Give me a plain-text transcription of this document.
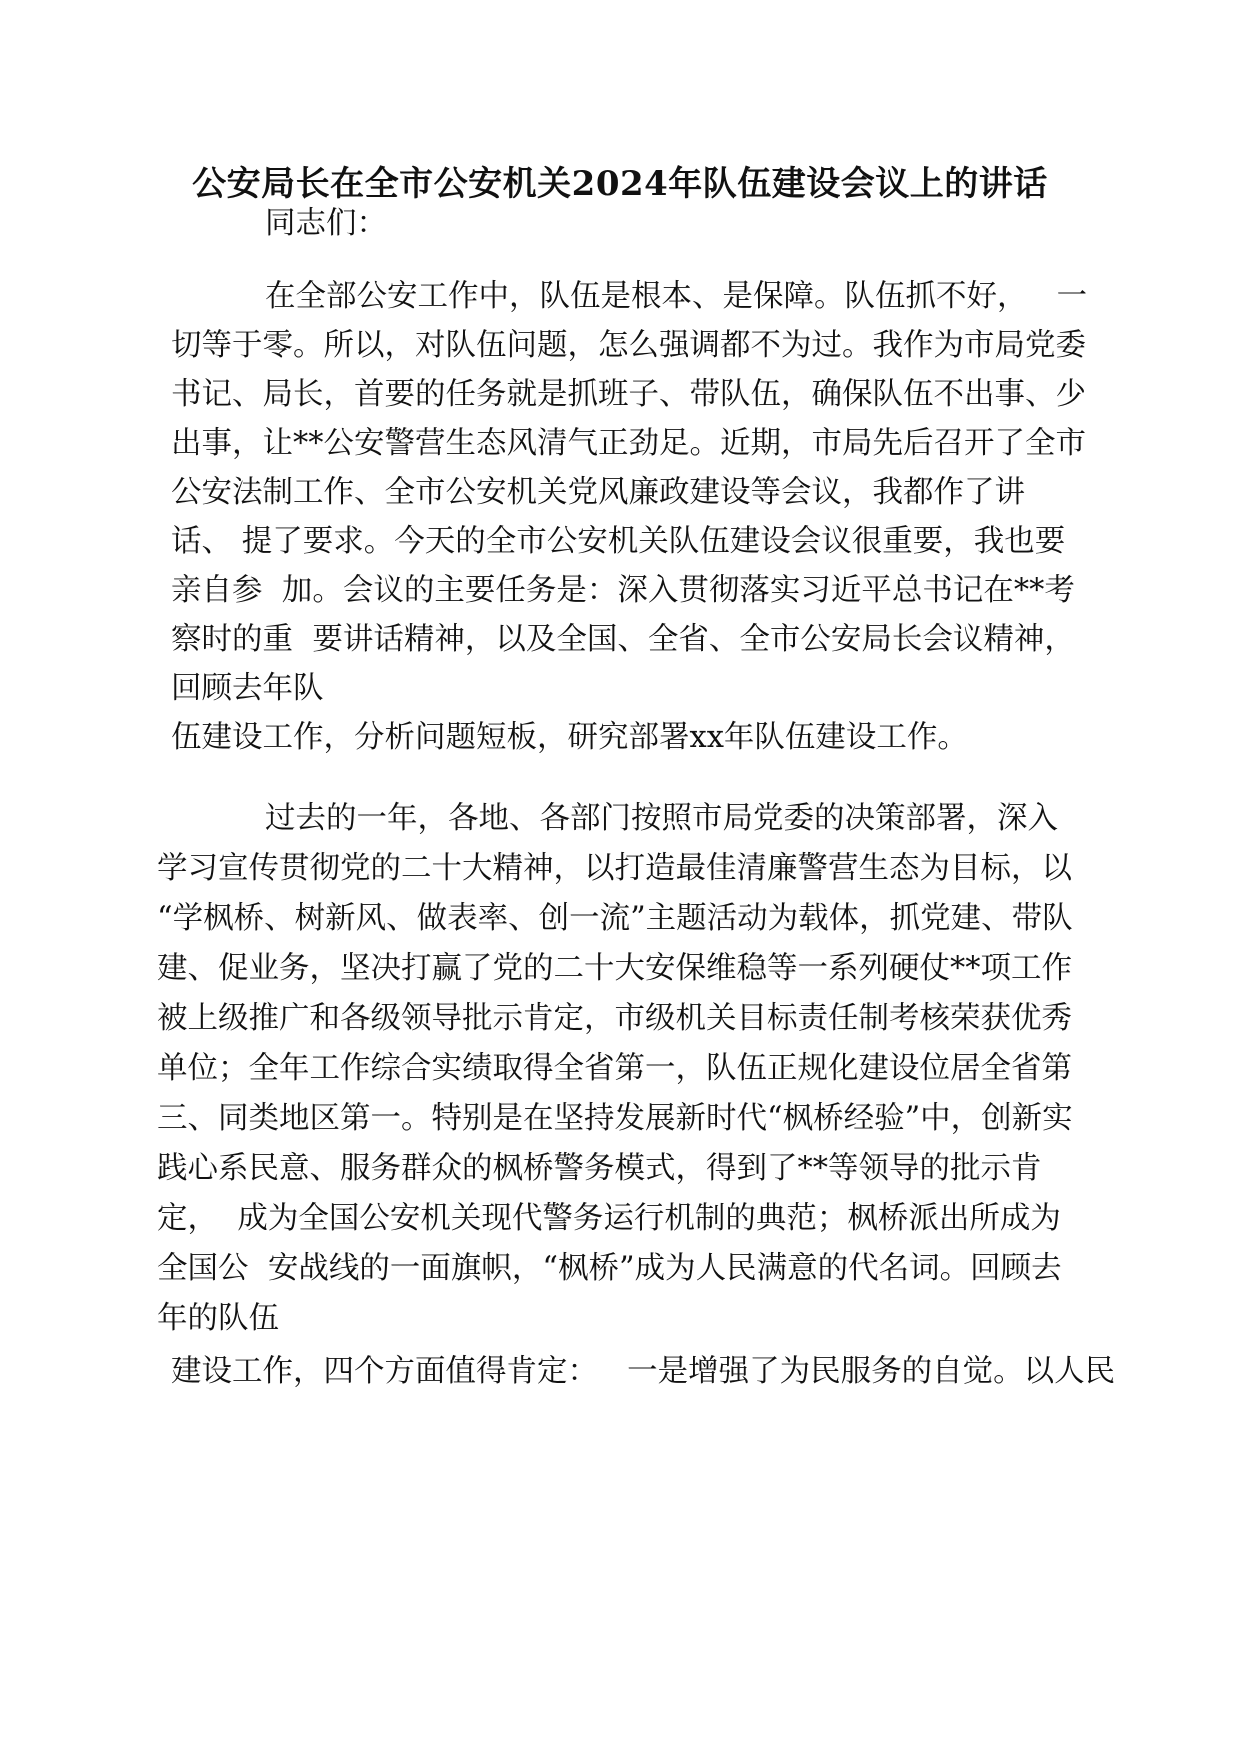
公安局长在全市公安机关2024年队伍建设会议上的讲话
同志们：
在全部公安工作中，队伍是根本、是保障。队伍抓不好，   一
切等于零。所以，对队伍问题，怎么强调都不为过。我作为市局党委
书记、局长，首要的任务就是抓班子、带队伍，确保队伍不出事、少
出事，让**公安警营生态风清气正劲足。近期，市局先后召开了全市
公安法制工作、全市公安机关党风廉政建设等会议，我都作了讲
话、 提了要求。今天的全市公安机关队伍建设会议很重要，我也要
亲自参  加。会议的主要任务是：深入贯彻落实习近平总书记在**考
察时的重  要讲话精神，以及全国、全省、全市公安局长会议精神，
回顾去年队
伍建设工作，分析问题短板，研究部署xx年队伍建设工作。
过去的一年，各地、各部门按照市局党委的决策部署，深入
学习宣传贯彻党的二十大精神，以打造最佳清廉警营生态为目标，以
“学枫桥、树新风、做表率、创一流”主题活动为载体，抓党建、带队
建、促业务，坚决打赢了党的二十大安保维稳等一系列硬仗**项工作
被上级推广和各级领导批示肯定，市级机关目标责任制考核荣获优秀
单位；全年工作综合实绩取得全省第一，队伍正规化建设位居全省第
三、同类地区第一。特别是在坚持发展新时代“枫桥经验”中，创新实
践心系民意、服务群众的枫桥警务模式，得到了**等领导的批示肯
定，  成为全国公安机关现代警务运行机制的典范；枫桥派出所成为
全国公  安战线的一面旗帜，“枫桥”成为人民满意的代名词。回顾去
年的队伍
建设工作，四个方面值得肯定：   一是增强了为民服务的自觉。以人民
